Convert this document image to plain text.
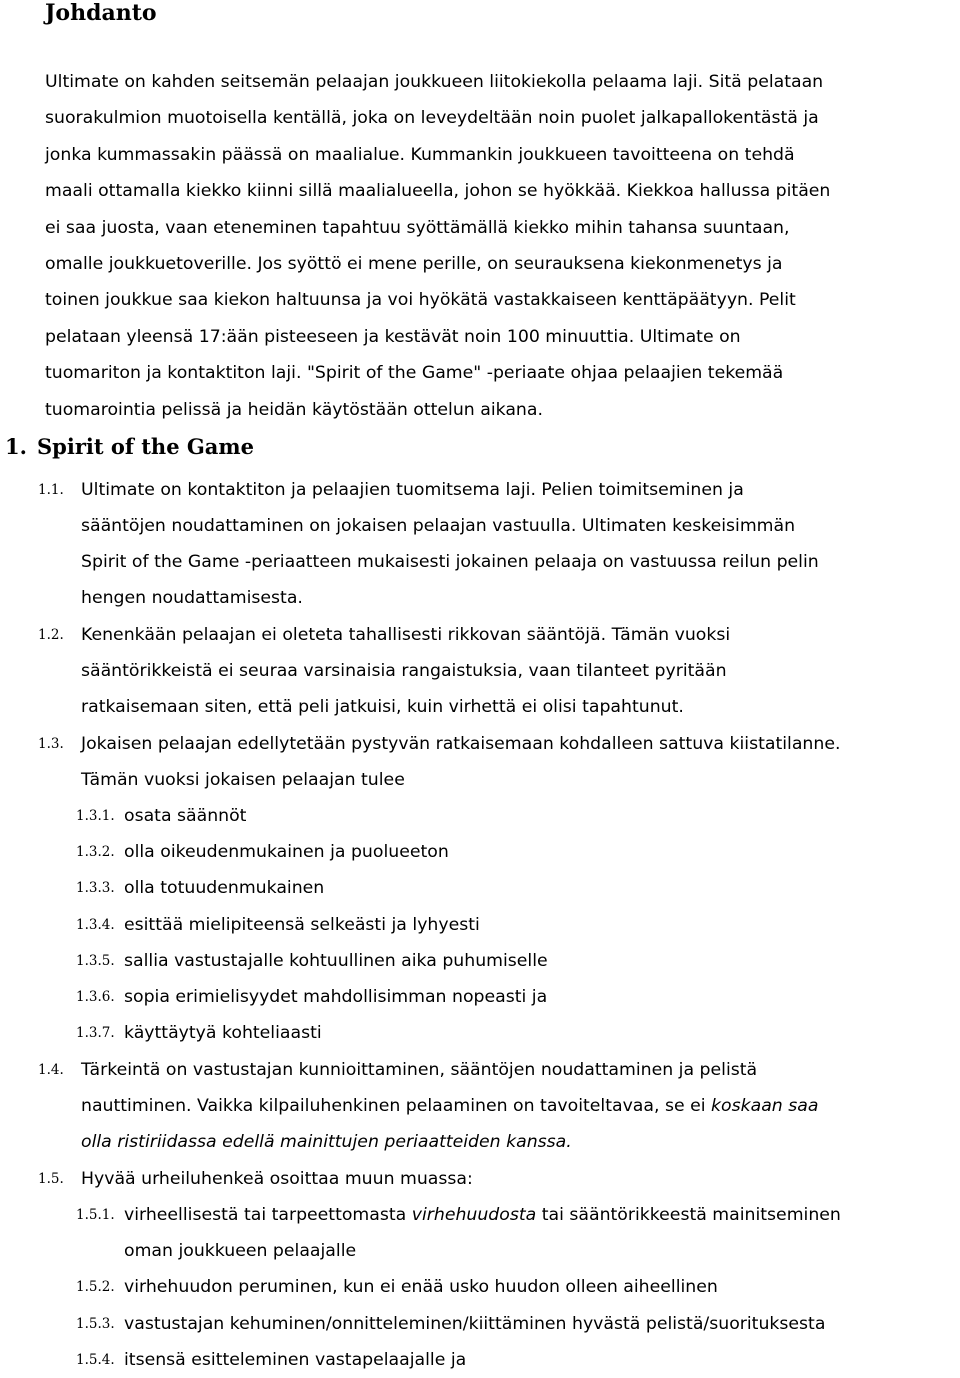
Johdanto

Ultimate on kahden seitsemän pelaajan joukkueen liitokiekolla pelaama laji. Sitä pelataan
suorakulmion muotoisella kentällä, joka on leveydeltään noin puolet jalkapallokentästä ja
jonka kummassakin päässä on maalialue. Kummankin joukkueen tavoitteena on tehdä
maali ottamalla kiekko kiinni sillä maalialueella, johon se hyökkää. Kiekkoa hallussa pitäen
ei saa juosta, vaan eteneminen tapahtuu syöttämällä kiekko mihin tahansa suuntaan,
omalle joukkuetoverille. Jos syöttö ei mene perille, on seurauksena kiekonmenetys ja
toinen joukkue saa kiekon haltuunsa ja voi hyökätä vastakkaiseen kenttäpäätyyn. Pelit
pelataan yleensä 17:ään pisteeseen ja kestävät noin 100 minuuttia. Ultimate on
tuomariton ja kontaktiton laji. "Spirit of the Game" -periaate ohjaa pelaajien tekemää
tuomarointia pelissä ja heidän käytöstään ottelun aikana.

1. Spirit of the Game
1.1. Ultimate on kontaktiton ja pelaajien tuomitsema laji. Pelien toimitseminen ja
sääntöjen noudattaminen on jokaisen pelaajan vastuulla. Ultimaten keskeisimmän
Spirit of the Game -periaatteen mukaisesti jokainen pelaaja on vastuussa reilun pelin
hengen noudattamisesta.
1.2. Kenenkään pelaajan ei oleteta tahallisesti rikkovan sääntöjä. Tämän vuoksi
sääntörikkeistä ei seuraa varsinaisia rangaistuksia, vaan tilanteet pyritään
ratkaisemaan siten, että peli jatkuisi, kuin virhettä ei olisi tapahtunut.
1.3. Jokaisen pelaajan edellytetään pystyvän ratkaisemaan kohdalleen sattuva kiistatilanne.
Tämän vuoksi jokaisen pelaajan tulee
1.3.1. osata säännöt
1.3.2. olla oikeudenmukainen ja puolueeton
1.3.3. olla totuudenmukainen
1.3.4. esittää mielipiteensä selkeästi ja lyhyesti
1.3.5. sallia vastustajalle kohtuullinen aika puhumiselle
1.3.6. sopia erimielisyydet mahdollisimman nopeasti ja
1.3.7. käyttäytyä kohteliaasti
1.4. Tärkeintä on vastustajan kunnioittaminen, sääntöjen noudattaminen ja pelistä
nauttiminen. Vaikka kilpailuhenkinen pelaaminen on tavoiteltavaa, se ei koskaan saa
olla ristiriidassa edellä mainittujen periaatteiden kanssa.
1.5. Hyvää urheiluhenkeä osoittaa muun muassa:
1.5.1. virheellisestä tai tarpeettomasta virhehuudosta tai sääntörikkeestä mainitseminen
oman joukkueen pelaajalle
1.5.2. virhehuudon peruminen, kun ei enää usko huudon olleen aiheellinen
1.5.3. vastustajan kehuminen/onnitteleminen/kiittäminen hyvästä pelistä/suorituksesta
1.5.4. itsensä esitteleminen vastapelaajalle ja
